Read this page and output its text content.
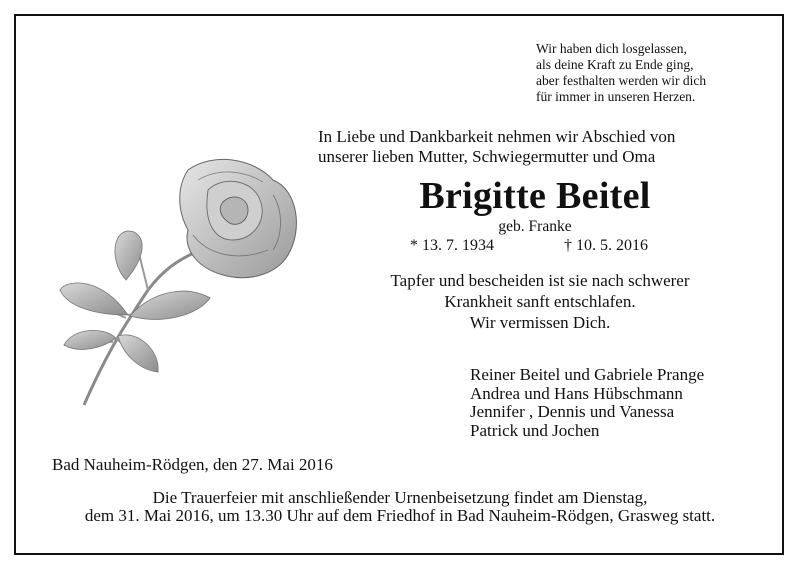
Wir haben dich losgelassen,
als deine Kraft zu Ende ging,
aber festhalten werden wir dich
für immer in unseren Herzen.
In Liebe und Dankbarkeit nehmen wir Abschied von
unserer lieben Mutter, Schwiegermutter und Oma
Brigitte Beitel
geb. Franke
* 13. 7. 1934	† 10. 5. 2016
Tapfer und bescheiden ist sie nach schwerer
Krankheit sanft entschlafen.
Wir vermissen Dich.
Reiner Beitel und Gabriele Prange
Andrea und Hans Hübschmann
Jennifer , Dennis und Vanessa
Patrick und Jochen
Bad Nauheim-Rödgen, den 27. Mai 2016
Die Trauerfeier mit anschließender Urnenbeisetzung findet am Dienstag,
dem 31. Mai 2016, um 13.30 Uhr auf dem Friedhof in Bad Nauheim-Rödgen, Grasweg statt.
